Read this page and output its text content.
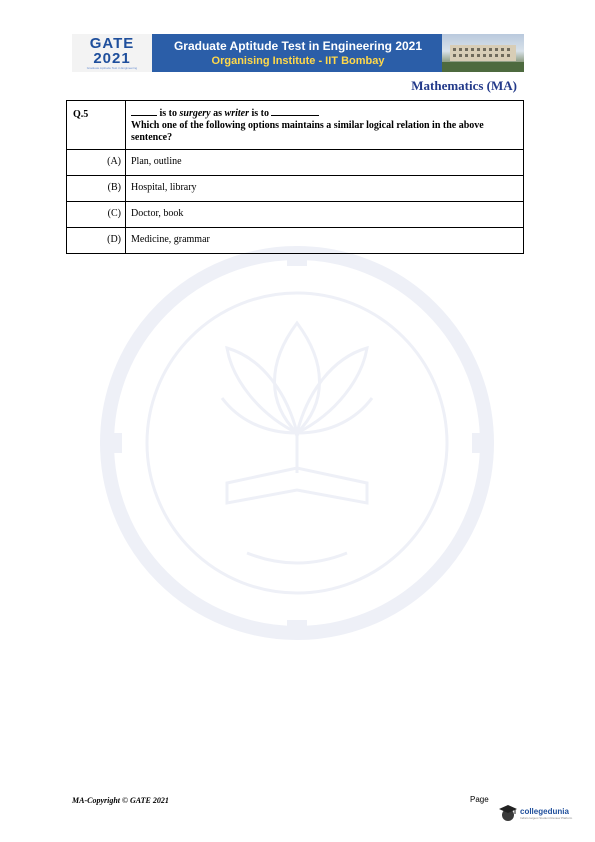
GATE
2021
Graduate Aptitude Test in Engineering
Graduate Aptitude Test in Engineering 2021
Organising Institute - IIT Bombay
Mathematics (MA)
Q.5	is to surgery as writer is to
Which one of the following options maintains a similar logical relation in the above sentence?

(A)	Plan, outline
(B)	Hospital, library
(C)	Doctor, book
(D)	Medicine, grammar
MA-Copyright © GATE 2021	Page
collegedunia
India's largest Student Review Platform
